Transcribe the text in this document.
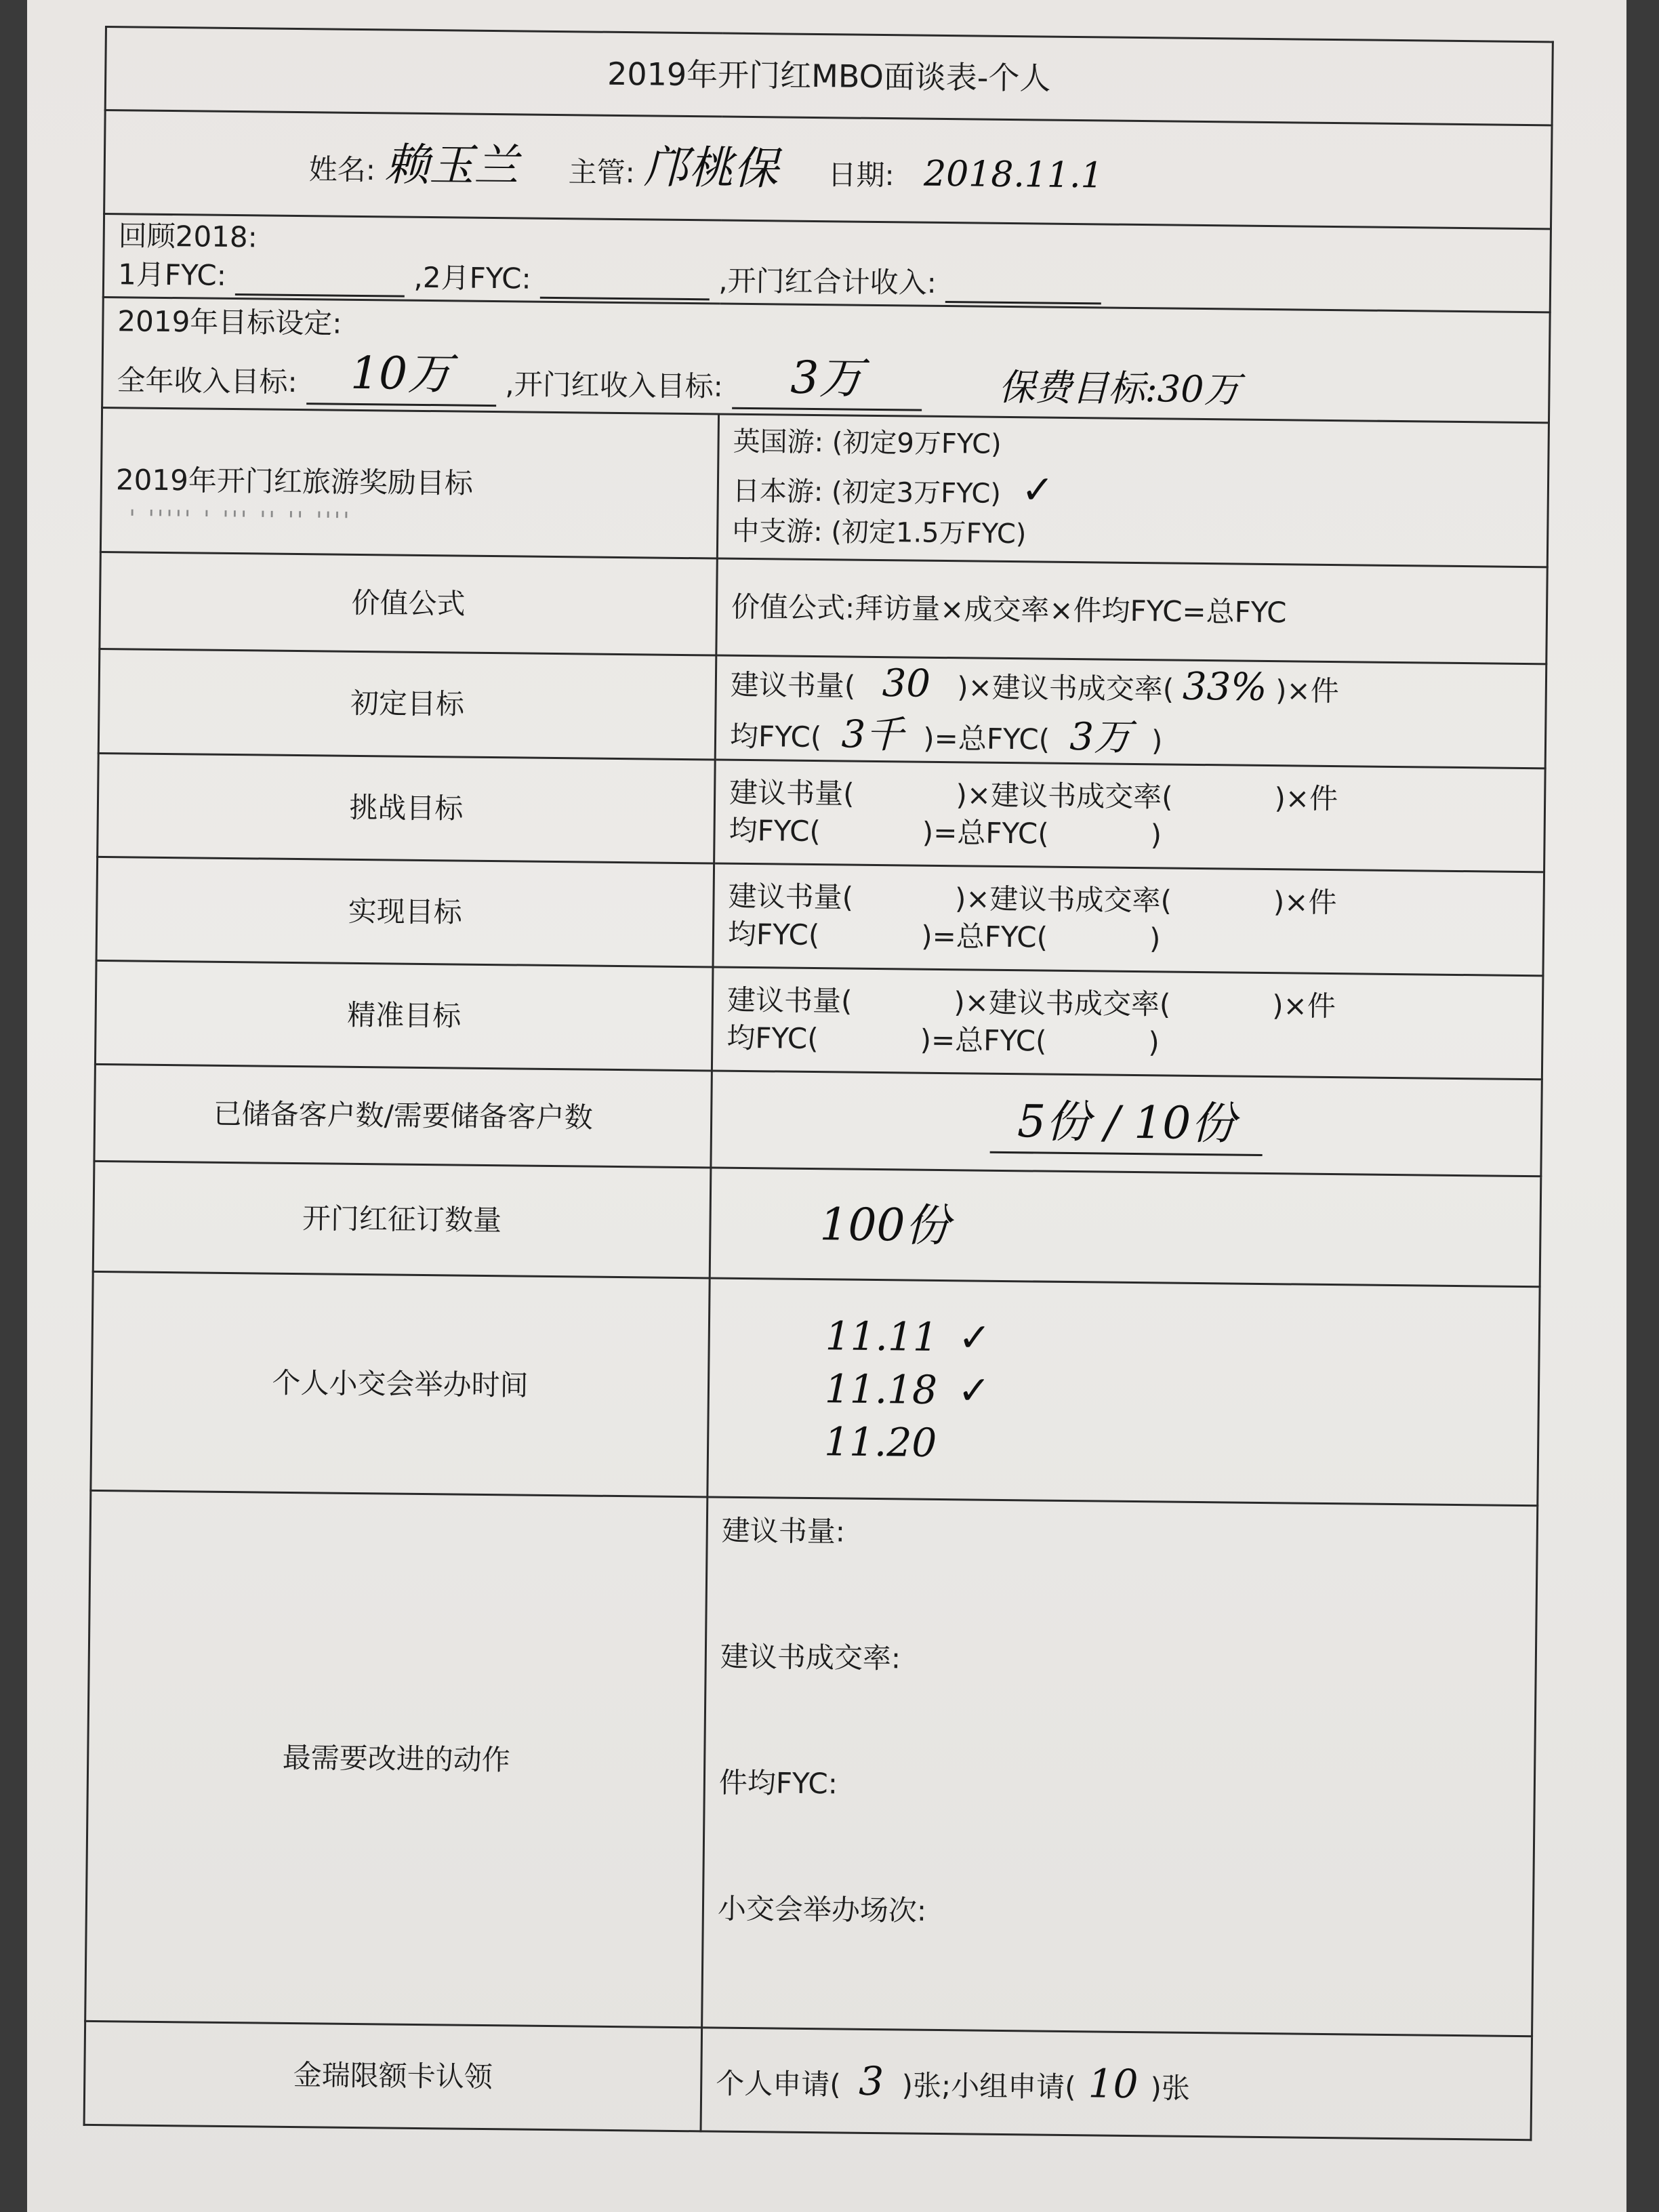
2019年开门红MBO面谈表-个人	
姓名: 赖玉兰 主管: 邝桃保 日期: 2018.11.1	

回顾2018:
1月FYC: ,2月FYC: ,开门红合计收入:	

2019年目标设定:
全年收入目标: 10万 ,开门红收入目标: 3万 保费目标:30万	
2019年开门红旅游奖励目标
' ''''' ' ''' '' '' ''''	英国游: (初定9万FYC)
日本游: (初定3万FYC) ✓
中支游: (初定1.5万FYC)

价值公式	价值公式:拜访量×成交率×件均FYC=总FYC
初定目标	建议书量( 30 )×建议书成交率( 33% )×件
均FYC( 3千 )=总FYC( 3万 )

挑战目标	建议书量( )×建议书成交率( )×件
均FYC( )=总FYC( )

实现目标	建议书量( )×建议书成交率( )×件
均FYC( )=总FYC( )

精准目标	建议书量( )×建议书成交率( )×件
均FYC( )=总FYC( )

已储备客户数/需要储备客户数	5份 / 10份
开门红征订数量	100份
个人小交会举办时间	11.11 ✓
11.18 ✓
11.20

最需要改进的动作	建议书量:
建议书成交率:
件均FYC:
小交会举办场次:

金瑞限额卡认领	个人申请( 3 )张;小组申请( 10 )张
